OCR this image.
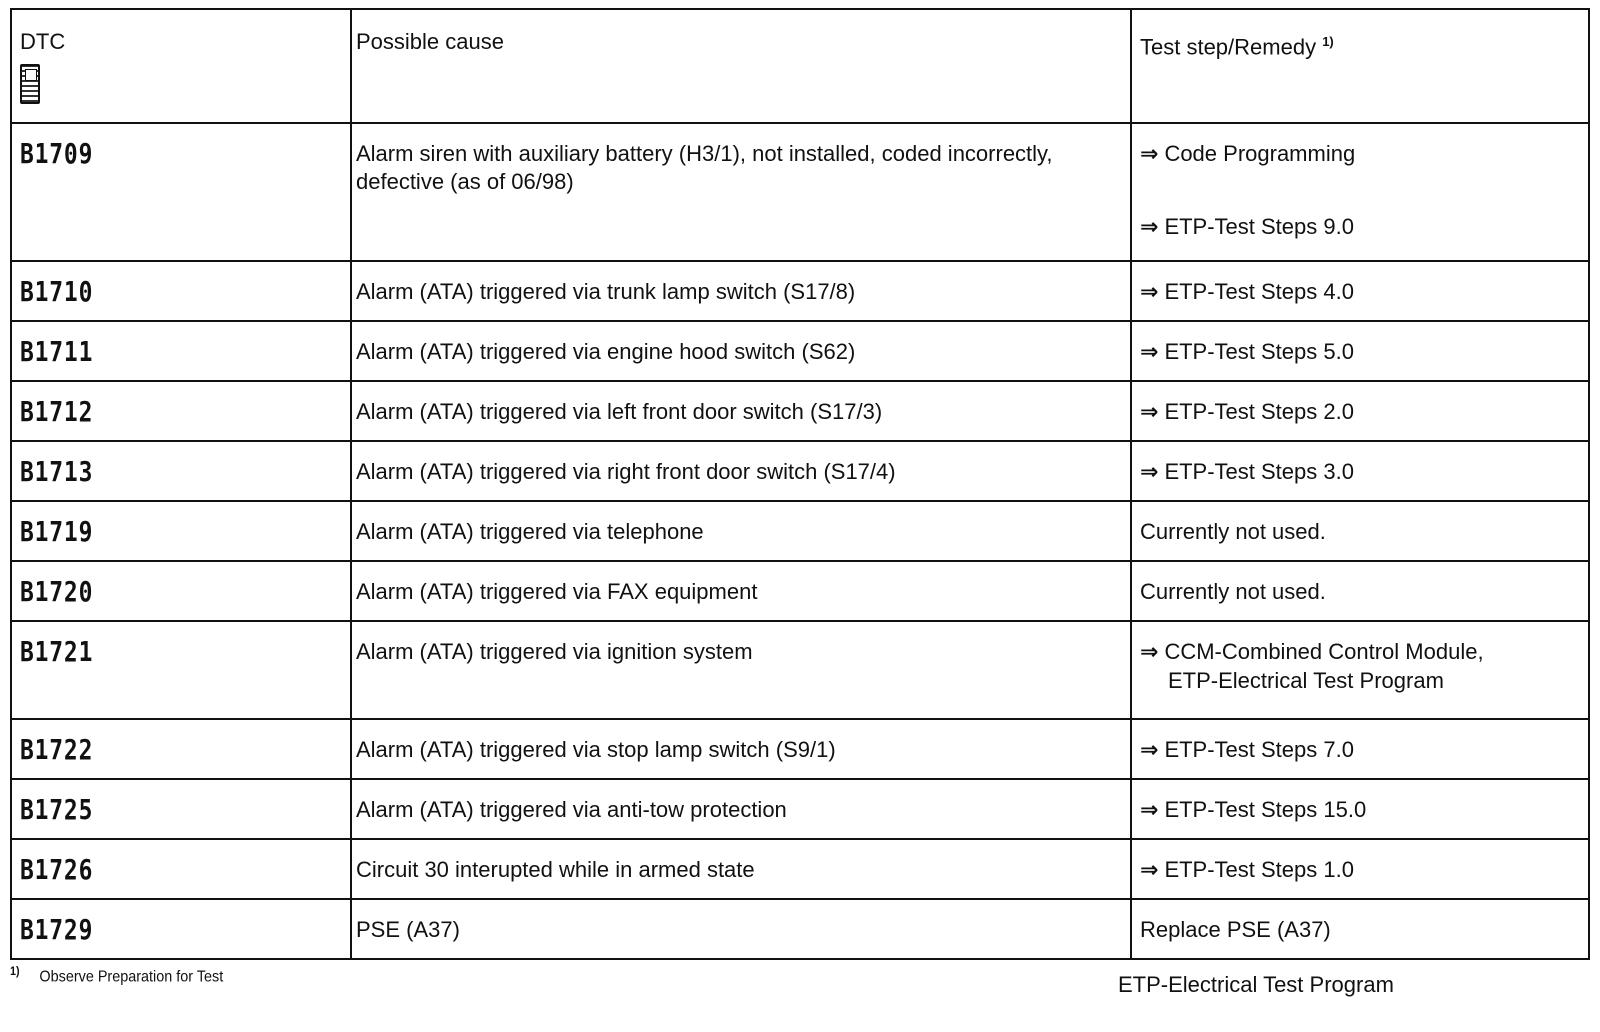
DTC	Possible cause	Test step/Remedy $^{1)}$

B1709	Alarm siren with auxiliary battery (H3/1), not installed, coded incorrectly, defective (as of 06/98)	⇒ Code Programming
⇒ ETP-Test Steps 9.0

B1710	Alarm (ATA) triggered via trunk lamp switch (S17/8)	⇒ ETP-Test Steps 4.0

B1711	Alarm (ATA) triggered via engine hood switch (S62)	⇒ ETP-Test Steps 5.0

B1712	Alarm (ATA) triggered via left front door switch (S17/3)	⇒ ETP-Test Steps 2.0

B1713	Alarm (ATA) triggered via right front door switch (S17/4)	⇒ ETP-Test Steps 3.0

B1719	Alarm (ATA) triggered via telephone	Currently not used.

B1720	Alarm (ATA) triggered via FAX equipment	Currently not used.

B1721	Alarm (ATA) triggered via ignition system	⇒ CCM-Combined Control Module,
ETP-Electrical Test Program

B1722	Alarm (ATA) triggered via stop lamp switch (S9/1)	⇒ ETP-Test Steps 7.0

B1725	Alarm (ATA) triggered via anti-tow protection	⇒ ETP-Test Steps 15.0

B1726	Circuit 30 interupted while in armed state	⇒ ETP-Test Steps 1.0

B1729	PSE (A37)	Replace PSE (A37)
$^{1)}$ Observe Preparation for Test	ETP-Electrical Test Program
